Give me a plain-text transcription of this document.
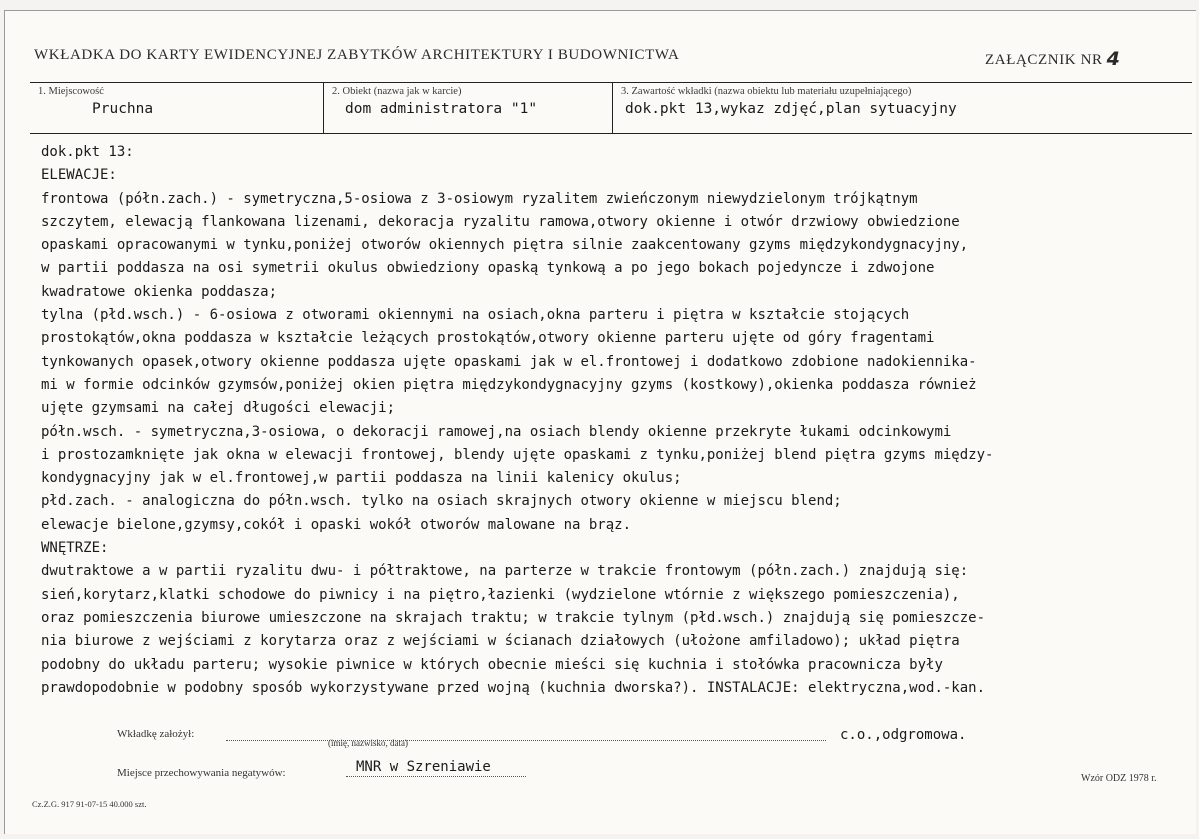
WKŁADKA DO KARTY EWIDENCYJNEJ ZABYTKÓW ARCHITEKTURY I BUDOWNICTWA	ZAŁĄCZNIK NR 4
1. Miejscowość
Pruchna
2. Obiekt (nazwa jak w karcie)
dom administratora "1"
3. Zawartość wkładki (nazwa obiektu lub materiału uzupełniającego)
dok.pkt 13,wykaz zdjęć,plan sytuacyjny
dok.pkt 13:
ELEWACJE:
frontowa (półn.zach.) - symetryczna,5-osiowa z 3-osiowym ryzalitem zwieńczonym niewydzielonym trójkątnym
szczytem, elewacją flankowana lizenami, dekoracja ryzalitu ramowa,otwory okienne i otwór drzwiowy obwiedzione
opaskami opracowanymi w tynku,poniżej otworów okiennych piętra silnie zaakcentowany gzyms międzykondygnacyjny,
w partii poddasza na osi symetrii okulus obwiedziony opaską tynkową a po jego bokach pojedyncze i zdwojone
kwadratowe okienka poddasza;
tylna (płd.wsch.) - 6-osiowa z otworami okiennymi na osiach,okna parteru i piętra w kształcie stojących
prostokątów,okna poddasza w kształcie leżących prostokątów,otwory okienne parteru ujęte od góry fragentami
tynkowanych opasek,otwory okienne poddasza ujęte opaskami jak w el.frontowej i dodatkowo zdobione nadokiennika-
mi w formie odcinków gzymsów,poniżej okien piętra międzykondygnacyjny gzyms (kostkowy),okienka poddasza również
ujęte gzymsami na całej długości elewacji;
półn.wsch. - symetryczna,3-osiowa, o dekoracji ramowej,na osiach blendy okienne przekryte łukami odcinkowymi
i prostozamknięte jak okna w elewacji frontowej, blendy ujęte opaskami z tynku,poniżej blend piętra gzyms między-
kondygnacyjny jak w el.frontowej,w partii poddasza na linii kalenicy okulus;
płd.zach. - analogiczna do półn.wsch. tylko na osiach skrajnych otwory okienne w miejscu blend;
elewacje bielone,gzymsy,cokół i opaski wokół otworów malowane na brąz.
WNĘTRZE:
dwutraktowe a w partii ryzalitu dwu- i półtraktowe, na parterze w trakcie frontowym (półn.zach.) znajdują się:
sień,korytarz,klatki schodowe do piwnicy i na piętro,łazienki (wydzielone wtórnie z większego pomieszczenia),
oraz pomieszczenia biurowe umieszczone na skrajach traktu; w trakcie tylnym (płd.wsch.) znajdują się pomieszcze-
nia biurowe z wejściami z korytarza oraz z wejściami w ścianach działowych (ułożone amfiladowo); układ piętra
podobny do układu parteru; wysokie piwnice w których obecnie mieści się kuchnia i stołówka pracownicza były
prawdopodobnie w podobny sposób wykorzystywane przed wojną (kuchnia dworska?). INSTALACJE: elektryczna,wod.-kan.
Wkładkę założył:
(imię, nazwisko, data)	c.o.,odgromowa.
Miejsce przechowywania negatywów:	MNR w Szreniawie
Wzór ODZ 1978 r.
Cz.Z.G. 917 91-07-15 40.000 szt.
